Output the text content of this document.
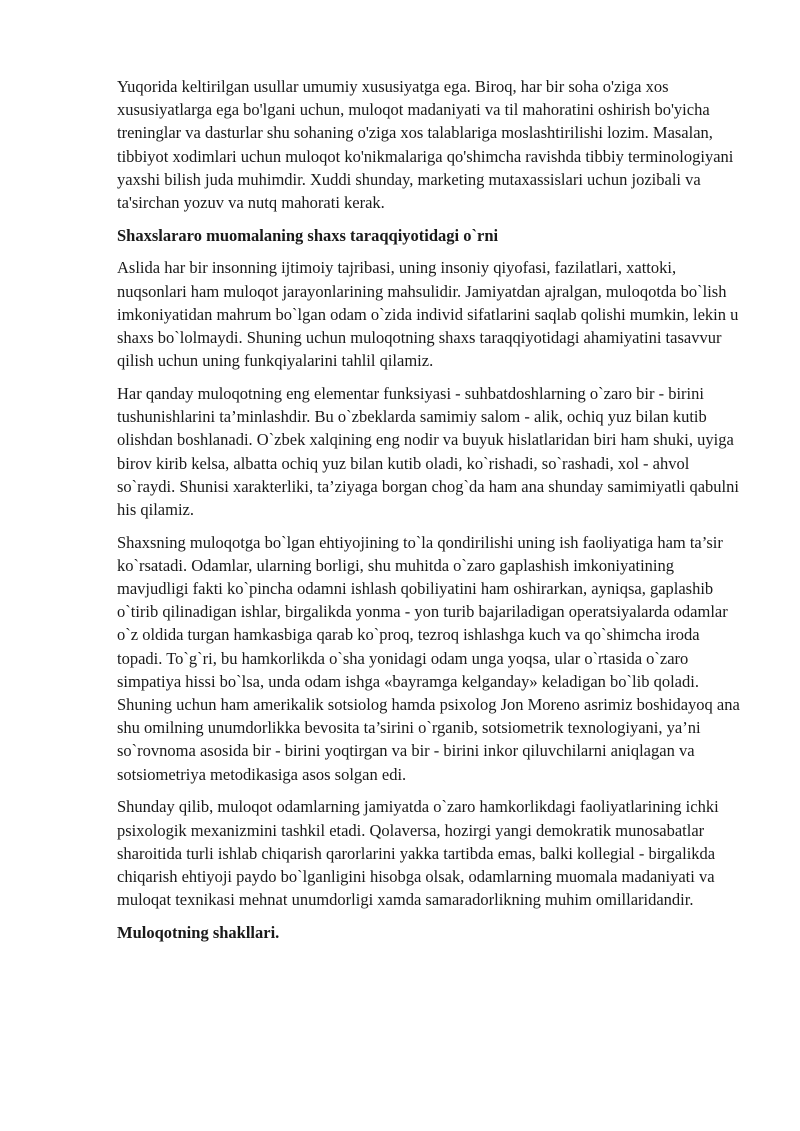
Yuqorida keltirilgan usullar umumiy xususiyatga ega. Biroq, har bir soha o'ziga xos xususiyatlarga ega bo'lgani uchun, muloqot madaniyati va til mahoratini oshirish bo'yicha treninglar va dasturlar shu sohaning o'ziga xos talablariga moslashtirilishi lozim. Masalan, tibbiyot xodimlari uchun muloqot ko'nikmalariga qo'shimcha ravishda tibbiy terminologiyani yaxshi bilish juda muhimdir. Xuddi shunday, marketing mutaxassislari uchun jozibali va ta'sirchan yozuv va nutq mahorati kerak.

Shaxslararo muomalaning shaxs taraqqiyotidagi o`rni

Aslida har bir insonning ijtimoiy tajribasi, uning insoniy qiyofasi, fazilatlari, xattoki, nuqsonlari ham muloqot jarayonlarining mahsulidir. Jamiyatdan ajralgan, muloqotda bo`lish imkoniyatidan mahrum bo`lgan odam o`zida individ sifatlarini saqlab qolishi mumkin, lekin u shaxs bo`lolmaydi. Shuning uchun muloqotning shaxs taraqqiyotidagi ahamiyatini tasavvur qilish uchun uning funkqiyalarini tahlil qilamiz.

Har qanday muloqotning eng elementar funksiyasi - suhbatdoshlarning o`zaro bir - birini tushunishlarini ta’minlashdir. Bu o`zbeklarda samimiy salom - alik, ochiq yuz bilan kutib olishdan boshlanadi. O`zbek xalqining eng nodir va buyuk hislatlaridan biri ham shuki, uyiga birov kirib kelsa, albatta ochiq yuz bilan kutib oladi, ko`rishadi, so`rashadi, xol - ahvol so`raydi. Shunisi xarakterliki, ta’ziyaga borgan chog`da ham ana shunday samimiyatli qabulni his qilamiz.

Shaxsning muloqotga bo`lgan ehtiyojining to`la qondirilishi uning ish faoliyatiga ham ta’sir ko`rsatadi. Odamlar, ularning borligi, shu muhitda o`zaro gaplashish imkoniyatining mavjudligi fakti ko`pincha odamni ishlash qobiliyatini ham oshirarkan, ayniqsa, gaplashib o`tirib qilinadigan ishlar, birgalikda yonma - yon turib bajariladigan operatsiyalarda odamlar o`z oldida turgan hamkasbiga qarab ko`proq, tezroq ishlashga kuch va qo`shimcha iroda topadi. To`g`ri, bu hamkorlikda o`sha yonidagi odam unga yoqsa, ular o`rtasida o`zaro simpatiya hissi bo`lsa, unda odam ishga «bayramga kelganday» keladigan bo`lib qoladi. Shuning uchun ham amerikalik sotsiolog hamda psixolog Jon Moreno asrimiz boshidayoq ana shu omilning unumdorlikka bevosita ta’sirini o`rganib, sotsiometrik texnologiyani, ya’ni so`rovnoma asosida bir - birini yoqtirgan va bir - birini inkor qiluvchilarni aniqlagan va sotsiometriya metodikasiga asos solgan edi.

Shunday qilib, muloqot odamlarning jamiyatda o`zaro hamkorlikdagi faoliyatlarining ichki psixologik mexanizmini tashkil etadi. Qolaversa, hozirgi yangi demokratik munosabatlar sharoitida turli ishlab chiqarish qarorlarini yakka tartibda emas, balki kollegial - birgalikda chiqarish ehtiyoji paydo bo`lganligini hisobga olsak, odamlarning muomala madaniyati va muloqat texnikasi mehnat unumdorligi xamda samaradorlikning muhim omillaridandir.

Muloqotning shakllari.
